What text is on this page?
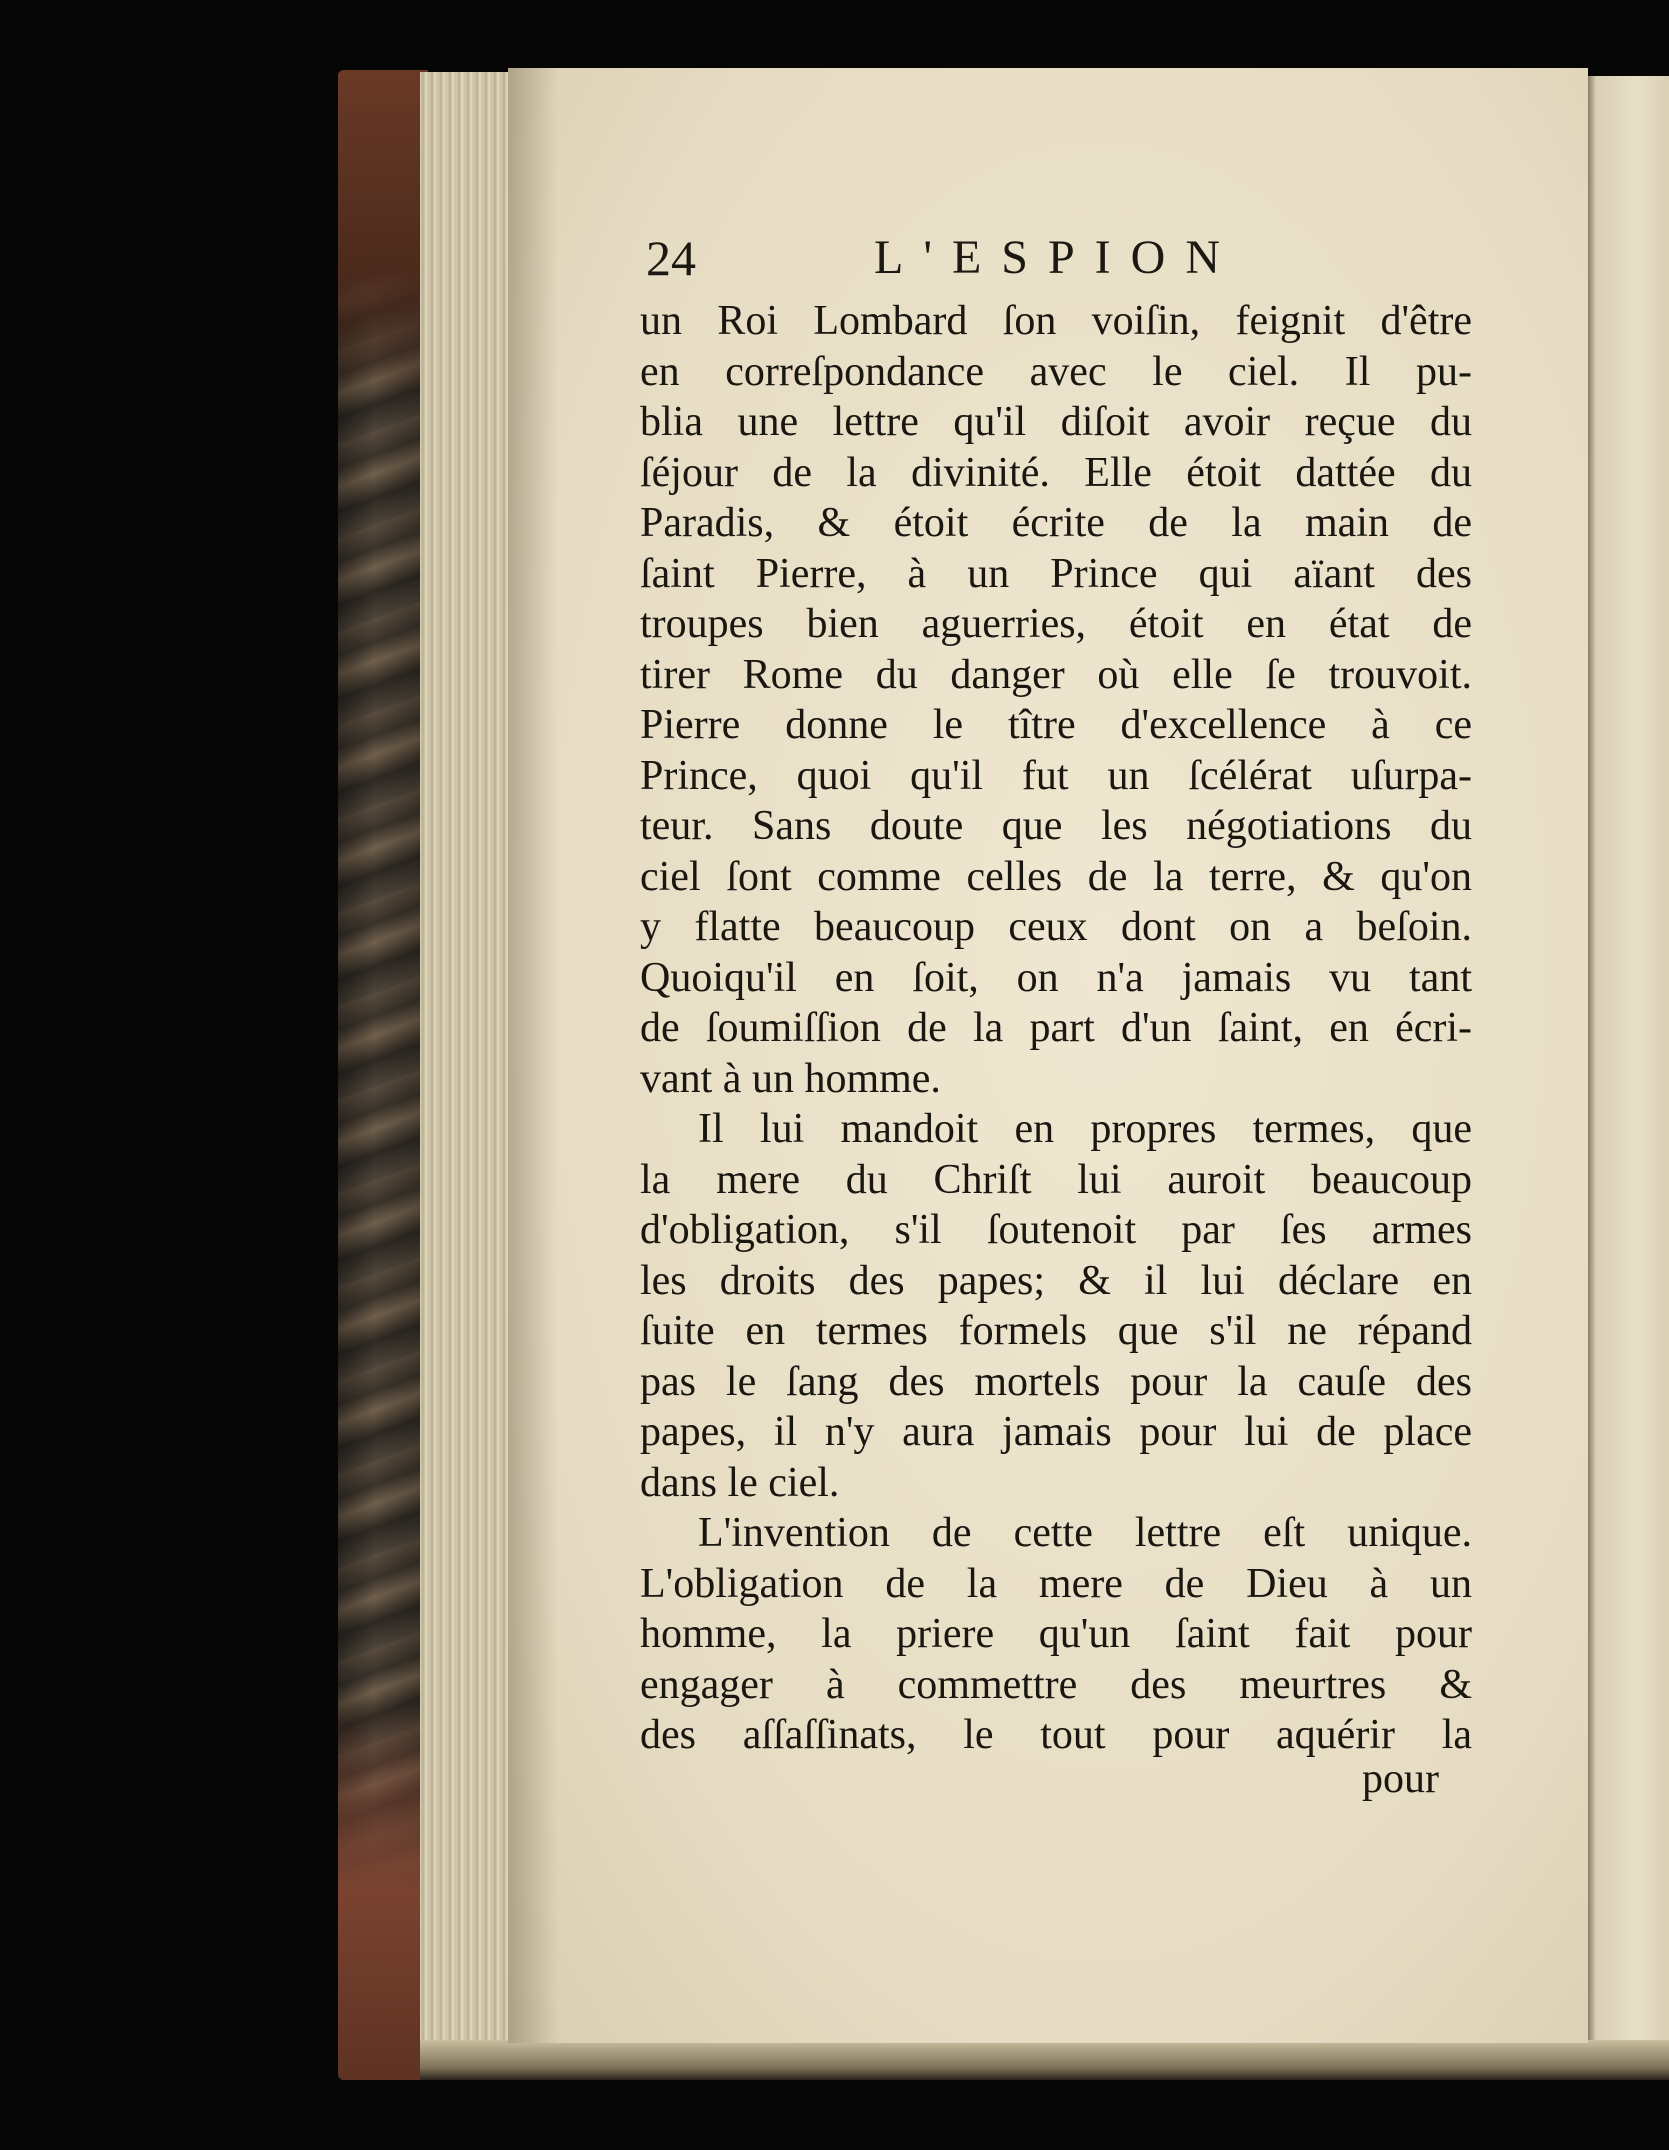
24	L'ESPION
un Roi Lombard ſon voiſin, feignit d'être
en correſpondance avec le ciel. Il pu-
blia une lettre qu'il diſoit avoir reçue du
ſéjour de la divinité. Elle étoit dattée du
Paradis, & étoit écrite de la main de
ſaint Pierre, à un Prince qui aïant des
troupes bien aguerries, étoit en état de
tirer Rome du danger où elle ſe trouvoit.
Pierre donne le tître d'excellence à ce
Prince, quoi qu'il fut un ſcélérat uſurpa-
teur. Sans doute que les négotiations du
ciel ſont comme celles de la terre, & qu'on
y flatte beaucoup ceux dont on a beſoin.
Quoiqu'il en ſoit, on n'a jamais vu tant
de ſoumiſſion de la part d'un ſaint, en écri-
vant à un homme.
Il lui mandoit en propres termes, que
la mere du Chriſt lui auroit beaucoup
d'obligation, s'il ſoutenoit par ſes armes
les droits des papes; & il lui déclare en
ſuite en termes formels que s'il ne répand
pas le ſang des mortels pour la cauſe des
papes, il n'y aura jamais pour lui de place
dans le ciel.
L'invention de cette lettre eſt unique.
L'obligation de la mere de Dieu à un
homme, la priere qu'un ſaint fait pour
engager à commettre des meurtres &
des aſſaſſinats, le tout pour aquérir la
pour
